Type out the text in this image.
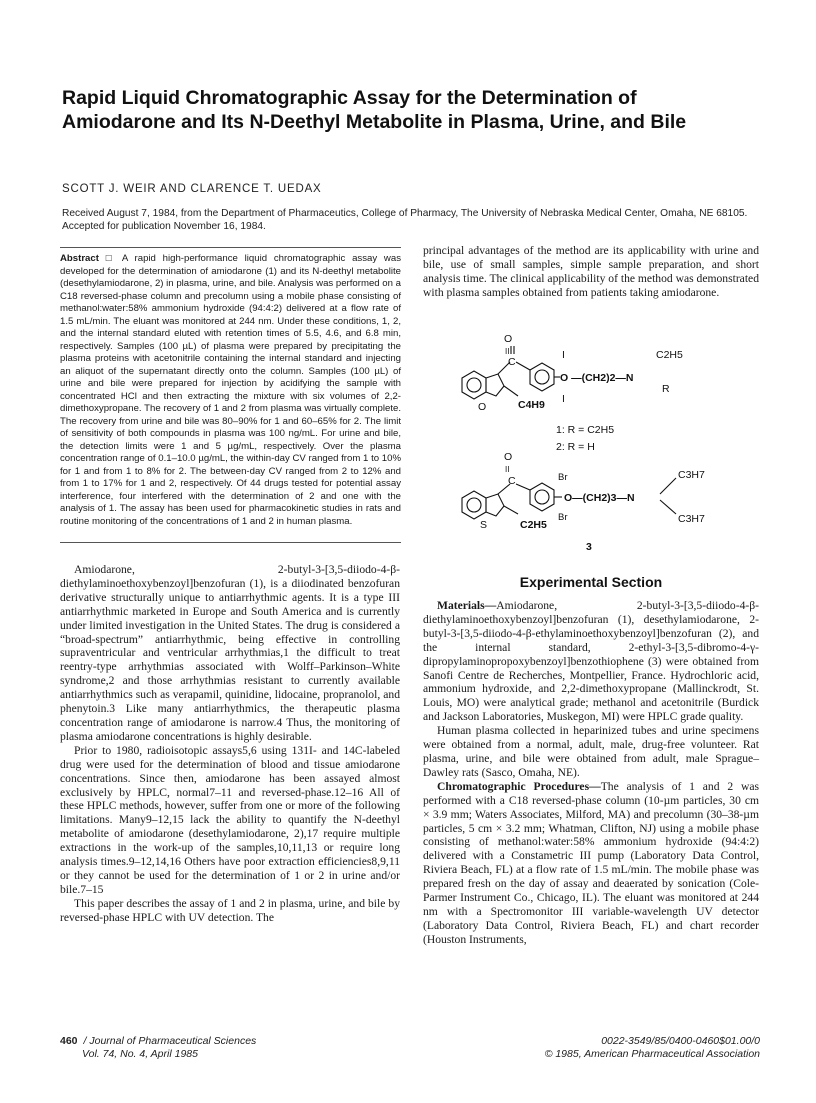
Rapid Liquid Chromatographic Assay for the Determination of Amiodarone and Its N-Deethyl Metabolite in Plasma, Urine, and Bile
SCOTT J. WEIR AND CLARENCE T. UEDAX
Received August 7, 1984, from the Department of Pharmaceutics, College of Pharmacy, The University of Nebraska Medical Center, Omaha, NE 68105. Accepted for publication November 16, 1984.
Abstract □ A rapid high-performance liquid chromatographic assay was developed for the determination of amiodarone (1) and its N-deethyl metabolite (desethylamiodarone, 2) in plasma, urine, and bile. Analysis was performed on a C18 reversed-phase column and precolumn using a mobile phase consisting of methanol:water:58% ammonium hydroxide (94:4:2) delivered at a flow rate of 1.5 mL/min. The eluant was monitored at 244 nm. Under these conditions, 1, 2, and the internal standard eluted with retention times of 5.5, 4.6, and 6.8 min, respectively. Samples (100 µL) of plasma were prepared by precipitating the plasma proteins with acetonitrile containing the internal standard and injecting an aliquot of the supernatant directly onto the column. Samples (100 µL) of urine and bile were prepared for injection by acidifying the sample with concentrated HCl and then extracting the mixture with six volumes of 2,2-dimethoxypropane. The recovery of 1 and 2 from plasma was virtually complete. The recovery from urine and bile was 80–90% for 1 and 60–65% for 2. The limit of sensitivity of both compounds in plasma was 100 ng/mL. For urine and bile, the detection limits were 1 and 5 µg/mL, respectively. Over the plasma concentration range of 0.1–10.0 µg/mL, the within-day CV ranged from 1 to 10% for 1 and from 1 to 8% for 2. The between-day CV ranged from 2 to 12% and from 1 to 17% for 1 and 2, respectively. Of 44 drugs tested for potential assay interference, four interfered with the determination of 2 and one with the analysis of 1. The assay has been used for pharmacokinetic studies in rats and routine monitoring of the concentrations of 1 and 2 in human plasma.

principal advantages of the method are its applicability with urine and bile, use of small samples, simple sample preparation, and short analysis time. The clinical applicability of the method was demonstrated with plasma samples obtained from patients taking amiodarone.

O
II
C
I
I
O —(CH2)2—N
C2H5
R
O	C4H9
O
II
C	Br
Br
O—(CH2)3—N
C3H7
C3H7
S	C2H5
3
1: R = C2H5
2: R = H

Amiodarone, 2-butyl-3-[3,5-diiodo-4-β-diethylaminoethoxybenzoyl]benzofuran (1), is a diiodinated benzofuran derivative structurally unique to antiarrhythmic agents. It is a type III antiarrhythmic marketed in Europe and South America and is currently under limited investigation in the United States. The drug is considered a “broad-spectrum” antiarrhythmic, being effective in controlling supraventricular and ventricular arrhythmias,1 the difficult to treat reentry-type arrhythmias associated with Wolff–Parkinson–White syndrome,2 and those arrhythmias resistant to currently available antiarrhythmics such as verapamil, quinidine, lidocaine, propranolol, and phenytoin.3 Like many antiarrhythmics, the therapeutic plasma concentration range of amiodarone is narrow.4 Thus, the monitoring of plasma amiodarone concentrations is highly desirable.

Prior to 1980, radioisotopic assays5,6 using 131I- and 14C-labeled drug were used for the determination of blood and tissue amiodarone concentrations. Since then, amiodarone has been assayed almost exclusively by HPLC, normal7–11 and reversed-phase.12–16 All of these HPLC methods, however, suffer from one or more of the following limitations. Many9–12,15 lack the ability to quantify the N-deethyl metabolite of amiodarone (desethylamiodarone, 2),17 require multiple extractions in the work-up of the samples,10,11,13 or require long analysis times.9–12,14,16 Others have poor extraction efficiencies8,9,11 or they cannot be used for the determination of 1 or 2 in urine and/or bile.7–15

This paper describes the assay of 1 and 2 in plasma, urine, and bile by reversed-phase HPLC with UV detection. The

Experimental Section

Materials—Amiodarone, 2-butyl-3-[3,5-diiodo-4-β-diethylaminoethoxybenzoyl]benzofuran (1), desethylamiodarone, 2-butyl-3-[3,5-diiodo-4-β-ethylaminoethoxybenzoyl]benzofuran (2), and the internal standard, 2-ethyl-3-[3,5-dibromo-4-γ-dipropylaminopropoxybenzoyl]benzothiophene (3) were obtained from Sanofi Centre de Recherches, Montpellier, France. Hydrochloric acid, ammonium hydroxide, and 2,2-dimethoxypropane (Mallinckrodt, St. Louis, MO) were analytical grade; methanol and acetonitrile (Burdick and Jackson Laboratories, Muskegon, MI) were HPLC grade quality.

Human plasma collected in heparinized tubes and urine specimens were obtained from a normal, adult, male, drug-free volunteer. Rat plasma, urine, and bile were obtained from adult, male Sprague–Dawley rats (Sasco, Omaha, NE).

Chromatographic Procedures—The analysis of 1 and 2 was performed with a C18 reversed-phase column (10-µm particles, 30 cm × 3.9 mm; Waters Associates, Milford, MA) and precolumn (30–38-µm particles, 5 cm × 3.2 mm; Whatman, Clifton, NJ) using a mobile phase consisting of methanol:water:58% ammonium hydroxide (94:4:2) delivered with a Constametric III pump (Laboratory Data Control, Riviera Beach, FL) at a flow rate of 1.5 mL/min. The mobile phase was prepared fresh on the day of assay and deaerated by sonication (Cole-Parmer Instrument Co., Chicago, IL). The eluant was monitored at 244 nm with a Spectromonitor III variable-wavelength UV detector (Laboratory Data Control, Riviera Beach, FL) and chart recorder (Houston Instruments,

460 / Journal of Pharmaceutical Sciences
Vol. 74, No. 4, April 1985
0022-3549/85/0400-0460$01.00/0
© 1985, American Pharmaceutical Association
